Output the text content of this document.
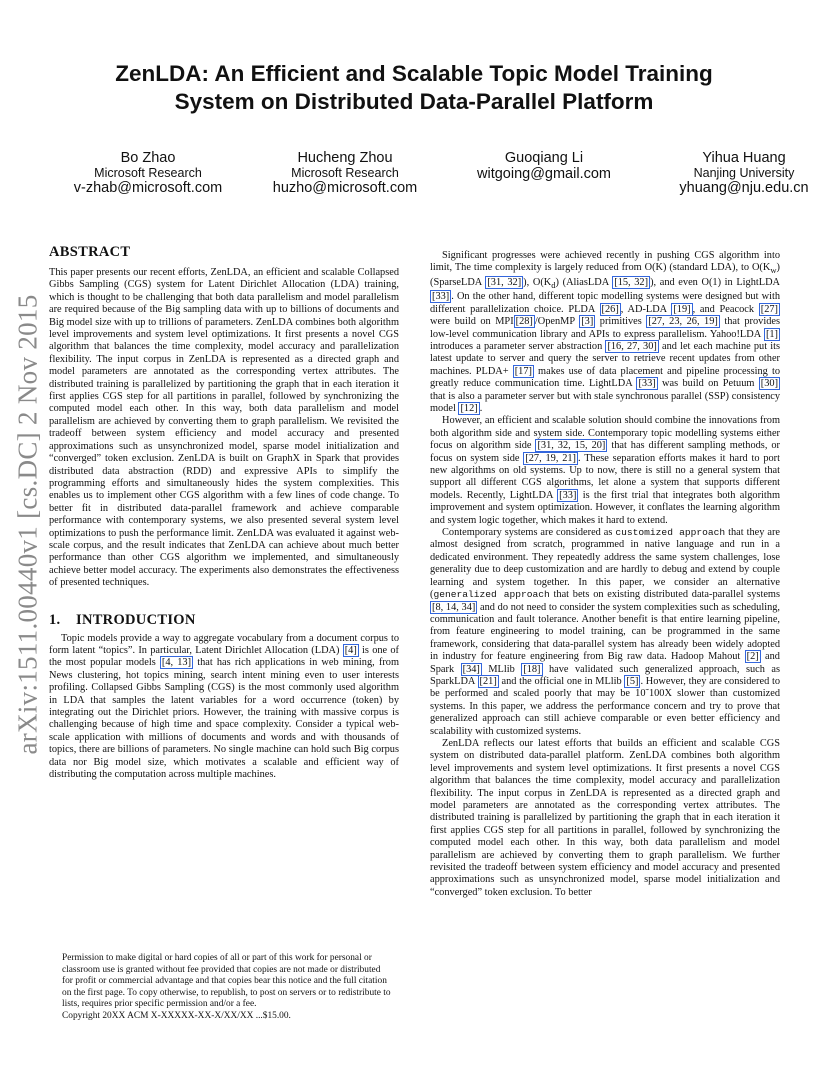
arXiv:1511.00440v1 [cs.DC] 2 Nov 2015
ZenLDA: An Efficient and Scalable Topic Model Training
System on Distributed Data-Parallel Platform
Bo Zhao
Microsoft Research
v-zhab@microsoft.com
Hucheng Zhou
Microsoft Research
huzho@microsoft.com
Guoqiang Li
witgoing@gmail.com
Yihua Huang
Nanjing University
yhuang@nju.edu.cn
ABSTRACT

This paper presents our recent efforts, ZenLDA, an efficient and scalable Collapsed Gibbs Sampling (CGS) system for Latent Dirichlet Allocation (LDA) training, which is thought to be challenging that both data parallelism and model parallelism are required because of the Big sampling data with up to billions of documents and Big model size with up to trillions of parameters. ZenLDA combines both algorithm level improvements and system level optimizations. It first presents a novel CGS algorithm that balances the time complexity, model accuracy and parallelization flexibility. The input corpus in ZenLDA is represented as a directed graph and model parameters are annotated as the corresponding vertex attributes. The distributed training is parallelized by partitioning the graph that in each iteration it first applies CGS step for all partitions in parallel, followed by synchronizing the computed model each other. In this way, both data parallelism and model parallelism are achieved by converting them to graph parallelism. We revisited the tradeoff between system efficiency and model accuracy and presented approximations such as unsynchronized model, sparse model initialization and “converged” token exclusion. ZenLDA is built on GraphX in Spark that provides distributed data abstraction (RDD) and expressive APIs to simplify the programming efforts and simultaneously hides the system complexities. This enables us to implement other CGS algorithm with a few lines of code change. To better fit in distributed data-parallel framework and achieve comparable performance with contemporary systems, we also presented several system level optimizations to push the performance limit. ZenLDA was evaluated it against web-scale corpus, and the result indicates that ZenLDA can achieve about much better performance than other CGS algorithm we implemented, and simultaneously achieve better model accuracy. The experiments also demonstrates the effectiveness of presented techniques.

1. INTRODUCTION

Topic models provide a way to aggregate vocabulary from a document corpus to form latent “topics”. In particular, Latent Dirichlet Allocation (LDA) [4] is one of the most popular models [4, 13] that has rich applications in web mining, from News clustering, hot topics mining, search intent mining even to user interests profiling. Collapsed Gibbs Sampling (CGS) is the most commonly used algorithm in LDA that samples the latent variables for a word occurrence (token) by integrating out the Dirichlet priors. However, the training with massive corpus is challenging because of high time and space complexity. Consider a typical web-scale application with millions of documents and words and with thousands of topics, there are billions of parameters. No single machine can hold such Big corpus data nor Big model size, which motivates a scalable and efficient way of distributing the computation across multiple machines.

Permission to make digital or hard copies of all or part of this work for personal or classroom use is granted without fee provided that copies are not made or distributed for profit or commercial advantage and that copies bear this notice and the full citation on the first page. To copy otherwise, to republish, to post on servers or to redistribute to lists, requires prior specific permission and/or a fee.

Copyright 20XX ACM X-XXXXX-XX-X/XX/XX ...$15.00.

Significant progresses were achieved recently in pushing CGS algorithm into limit, The time complexity is largely reduced from O(K) (standard LDA), to $O(K_w)$ (SparseLDA [31, 32] ), $O(K_d)$ (AliasLDA [15, 32] ), and even O(1) in LightLDA [33] . On the other hand, different topic modelling systems were designed but with different parallelization choice. PLDA [26] , AD-LDA [19] , and Peacock [27] were build on MPI [28] /OpenMP [3] primitives [27, 23, 26, 19] that provides low-level communication library and APIs to express parallelism. Yahoo!LDA [1] introduces a parameter server abstraction [16, 27, 30] and let each machine put its latest update to server and query the server to retrieve recent updates from other machines. PLDA+ [17] makes use of data placement and pipeline processing to greatly reduce communication time. LightLDA [33] was build on Petuum [30] that is also a parameter server but with stale synchronous parallel (SSP) consistency model [12] .

However, an efficient and scalable solution should combine the innovations from both algorithm side and system side. Contemporary topic modelling systems either focus on algorithm side [31, 32, 15, 20] that has different sampling methods, or focus on system side [27, 19, 21] . These separation efforts makes it hard to port new algorithms on old systems. Up to now, there is still no a general system that support all different CGS algorithms, let alone a system that supports different models. Recently, LightLDA [33] is the first trial that integrates both algorithm improvement and system optimization. However, it conflates the learning algorithm and system logic together, which makes it hard to extend.

Contemporary systems are considered as customized approach that they are almost designed from scratch, programmed in native language and run in a dedicated environment. They repeatedly address the same system challenges, lose generality due to deep customization and are hardly to debug and extend by couple learning and system together. In this paper, we consider an alternative (generalized approach that bets on existing distributed data-parallel systems [8, 14, 34] and do not need to consider the system complexities such as scheduling, communication and fault tolerance. Another benefit is that entire learning pipeline, from feature engineering to model training, can be programmed in the same framework, considering that data-parallel system has already been widely adopted in industry for feature engineering from Big raw data. Hadoop Mahout [2] and Spark [34] MLlib [18] have validated such generalized approach, such as SparkLDA [21] and the official one in MLlib [5] . However, they are considered to be performed and scaled poorly that may be 10˜100X slower than customized systems. In this paper, we address the performance concern and try to prove that generalized approach can still achieve comparable or even better efficiency and scalability with customized systems.

ZenLDA reflects our latest efforts that builds an efficient and scalable CGS system on distributed data-parallel platform. ZenLDA combines both algorithm level improvements and system level optimizations. It first presents a novel CGS algorithm that balances the time complexity, model accuracy and parallelization flexibility. The input corpus in ZenLDA is represented as a directed graph and model parameters are annotated as the corresponding vertex attributes. The distributed training is parallelized by partitioning the graph that in each iteration it first applies CGS step for all partitions in parallel, followed by synchronizing the computed model each other. In this way, both data parallelism and model parallelism are achieved by converting them to graph parallelism. We further revisited the tradeoff between system efficiency and model accuracy and presented approximations such as unsynchronized model, sparse model initialization and “converged” token exclusion. To better
